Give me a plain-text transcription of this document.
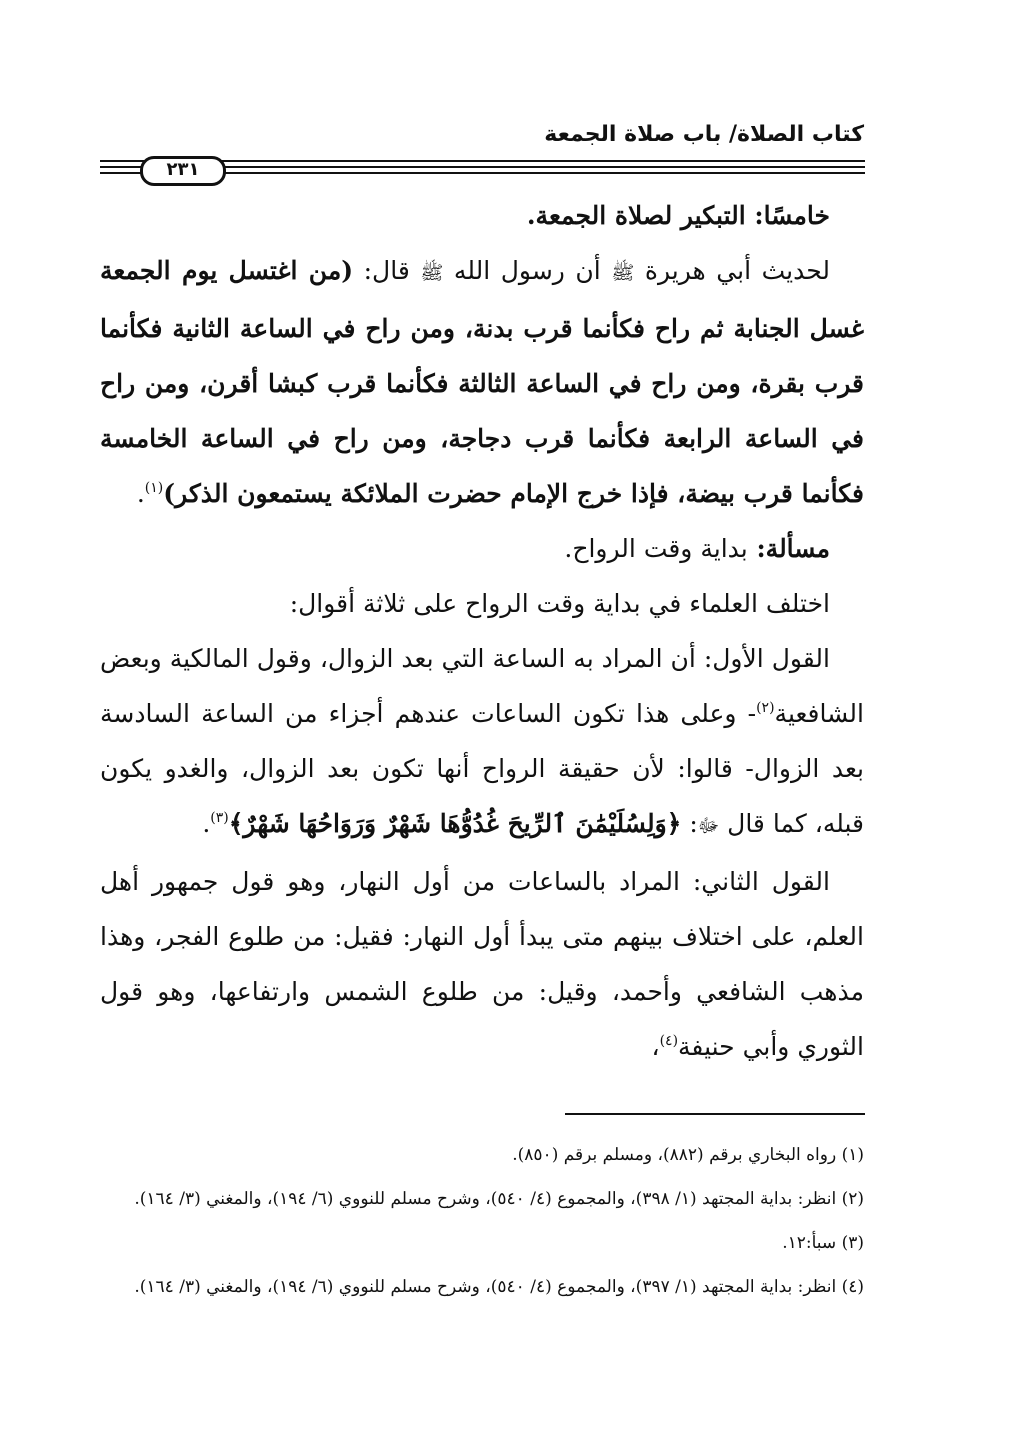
كتاب الصلاة/ باب صلاة الجمعة
٢٣١

خامسًا: التبكير لصلاة الجمعة.

لحديث أبي هريرة ﷺ أن رسول الله ﷺ قال: (من اغتسل يوم الجمعة غسل الجنابة ثم راح فكأنما قرب بدنة، ومن راح في الساعة الثانية فكأنما قرب بقرة، ومن راح في الساعة الثالثة فكأنما قرب كبشا أقرن، ومن راح في الساعة الرابعة فكأنما قرب دجاجة، ومن راح في الساعة الخامسة فكأنما قرب بيضة، فإذا خرج الإمام حضرت الملائكة يستمعون الذكر)$^{(١)}$.

مسألة: بداية وقت الرواح.

اختلف العلماء في بداية وقت الرواح على ثلاثة أقوال:

القول الأول: أن المراد به الساعة التي بعد الزوال، وقول المالكية وبعض الشافعية$^{(٢)}$- وعلى هذا تكون الساعات عندهم أجزاء من الساعة السادسة بعد الزوال- قالوا: لأن حقيقة الرواح أنها تكون بعد الزوال، والغدو يكون قبله، كما قال ﷻ: ﴿وَلِسُلَيْمَٰنَ ٱلرِّيحَ غُدُوُّهَا شَهْرٌ وَرَوَاحُهَا شَهْرٌ﴾$^{(٣)}$.

القول الثاني: المراد بالساعات من أول النهار، وهو قول جمهور أهل العلم، على اختلاف بينهم متى يبدأ أول النهار: فقيل: من طلوع الفجر، وهذا مذهب الشافعي وأحمد، وقيل: من طلوع الشمس وارتفاعها، وهو قول الثوري وأبي حنيفة$^{(٤)}$،

(١) رواه البخاري برقم (٨٨٢)، ومسلم برقم (٨٥٠).
(٢) انظر: بداية المجتهد (١/ ٣٩٨)، والمجموع (٤/ ٥٤٠)، وشرح مسلم للنووي (٦/ ١٩٤)، والمغني (٣/ ١٦٤).
(٣) سبأ:١٢.
(٤) انظر: بداية المجتهد (١/ ٣٩٧)، والمجموع (٤/ ٥٤٠)، وشرح مسلم للنووي (٦/ ١٩٤)، والمغني (٣/ ١٦٤).
